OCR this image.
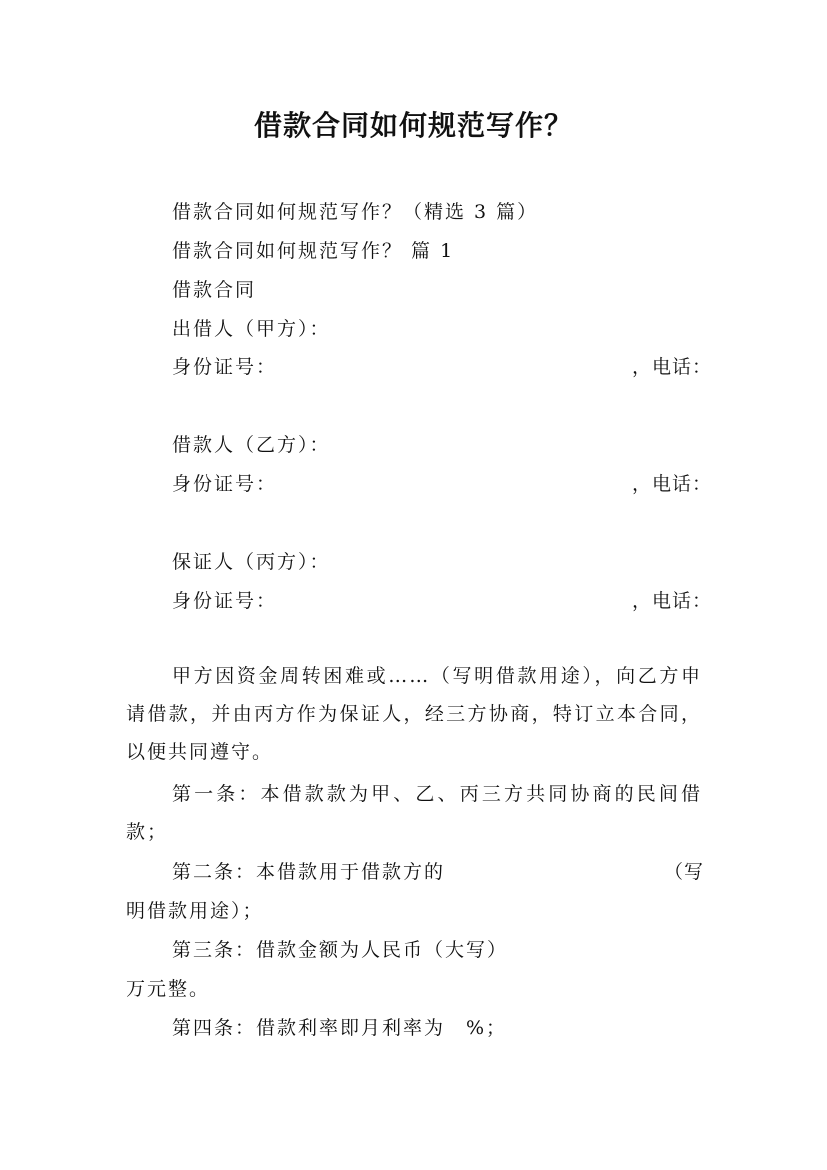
借款合同如何规范写作？
借款合同如何规范写作？（精选 3 篇）
借款合同如何规范写作？ 篇 1
借款合同
出借人（甲方）：
身份证号：	，电话：
借款人（乙方）：
身份证号：	，电话：
保证人（丙方）：
身份证号：	，电话：
甲方因资金周转困难或……（写明借款用途），向乙方申请借款，并由丙方作为保证人，经三方协商，特订立本合同，以便共同遵守。
第一条：本借款款为甲、乙、丙三方共同协商的民间借款；
第二条：本借款用于借款方的	（写
明借款用途）；
第三条：借款金额为人民币（大写）
万元整。
第四条：借款利率即月利率为　%；
